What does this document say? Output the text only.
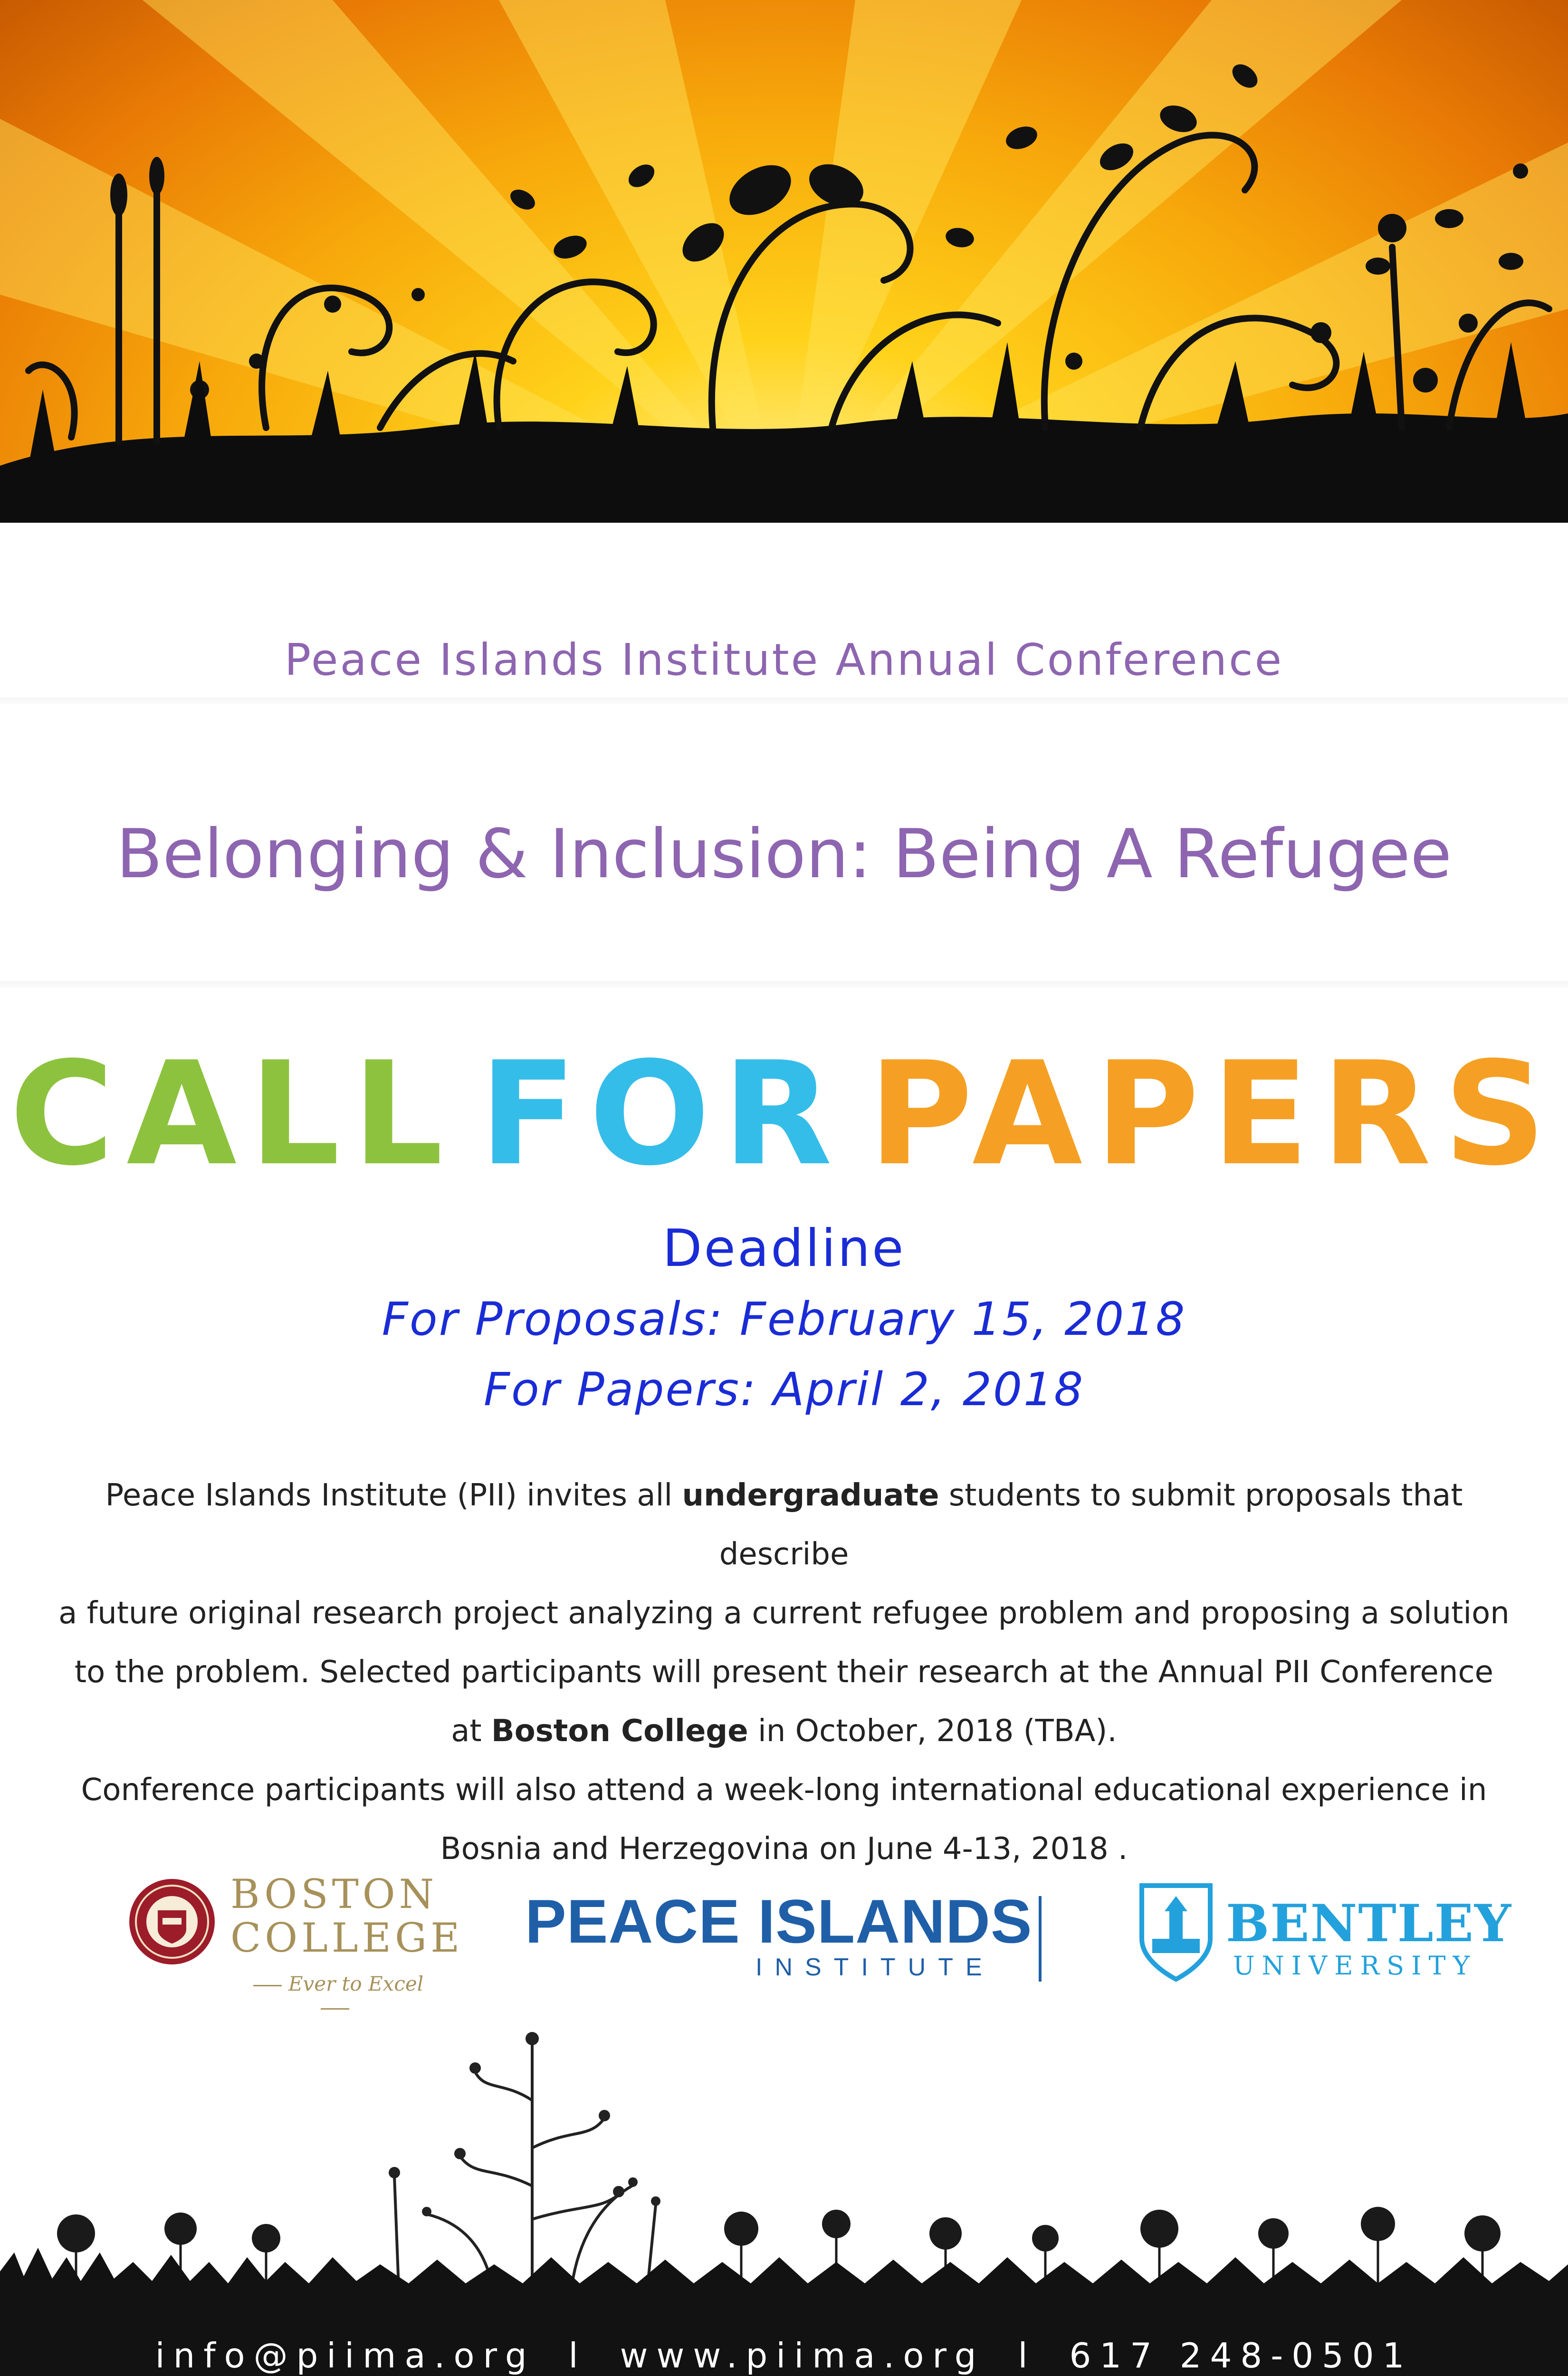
Peace Islands Institute Annual Conference
Belonging & Inclusion: Being A Refugee
CALL FOR PAPERS
Deadline
For Proposals: February 15, 2018
For Papers: April 2, 2018
Peace Islands Institute (PII) invites all undergraduate students to submit proposals that describe
a future original research project analyzing a current refugee problem and proposing a solution
to the problem. Selected participants will present their research at the Annual PII Conference
at Boston College in October, 2018 (TBA).
Conference participants will also attend a week-long international educational experience in
Bosnia and Herzegovina on June 4-13, 2018 .
BOSTON
COLLEGE
Ever to Excel
PEACE ISLANDS
INSTITUTE
BENTLEY
UNIVERSITY
info@piima.org l www.piima.org l 617 248-0501
